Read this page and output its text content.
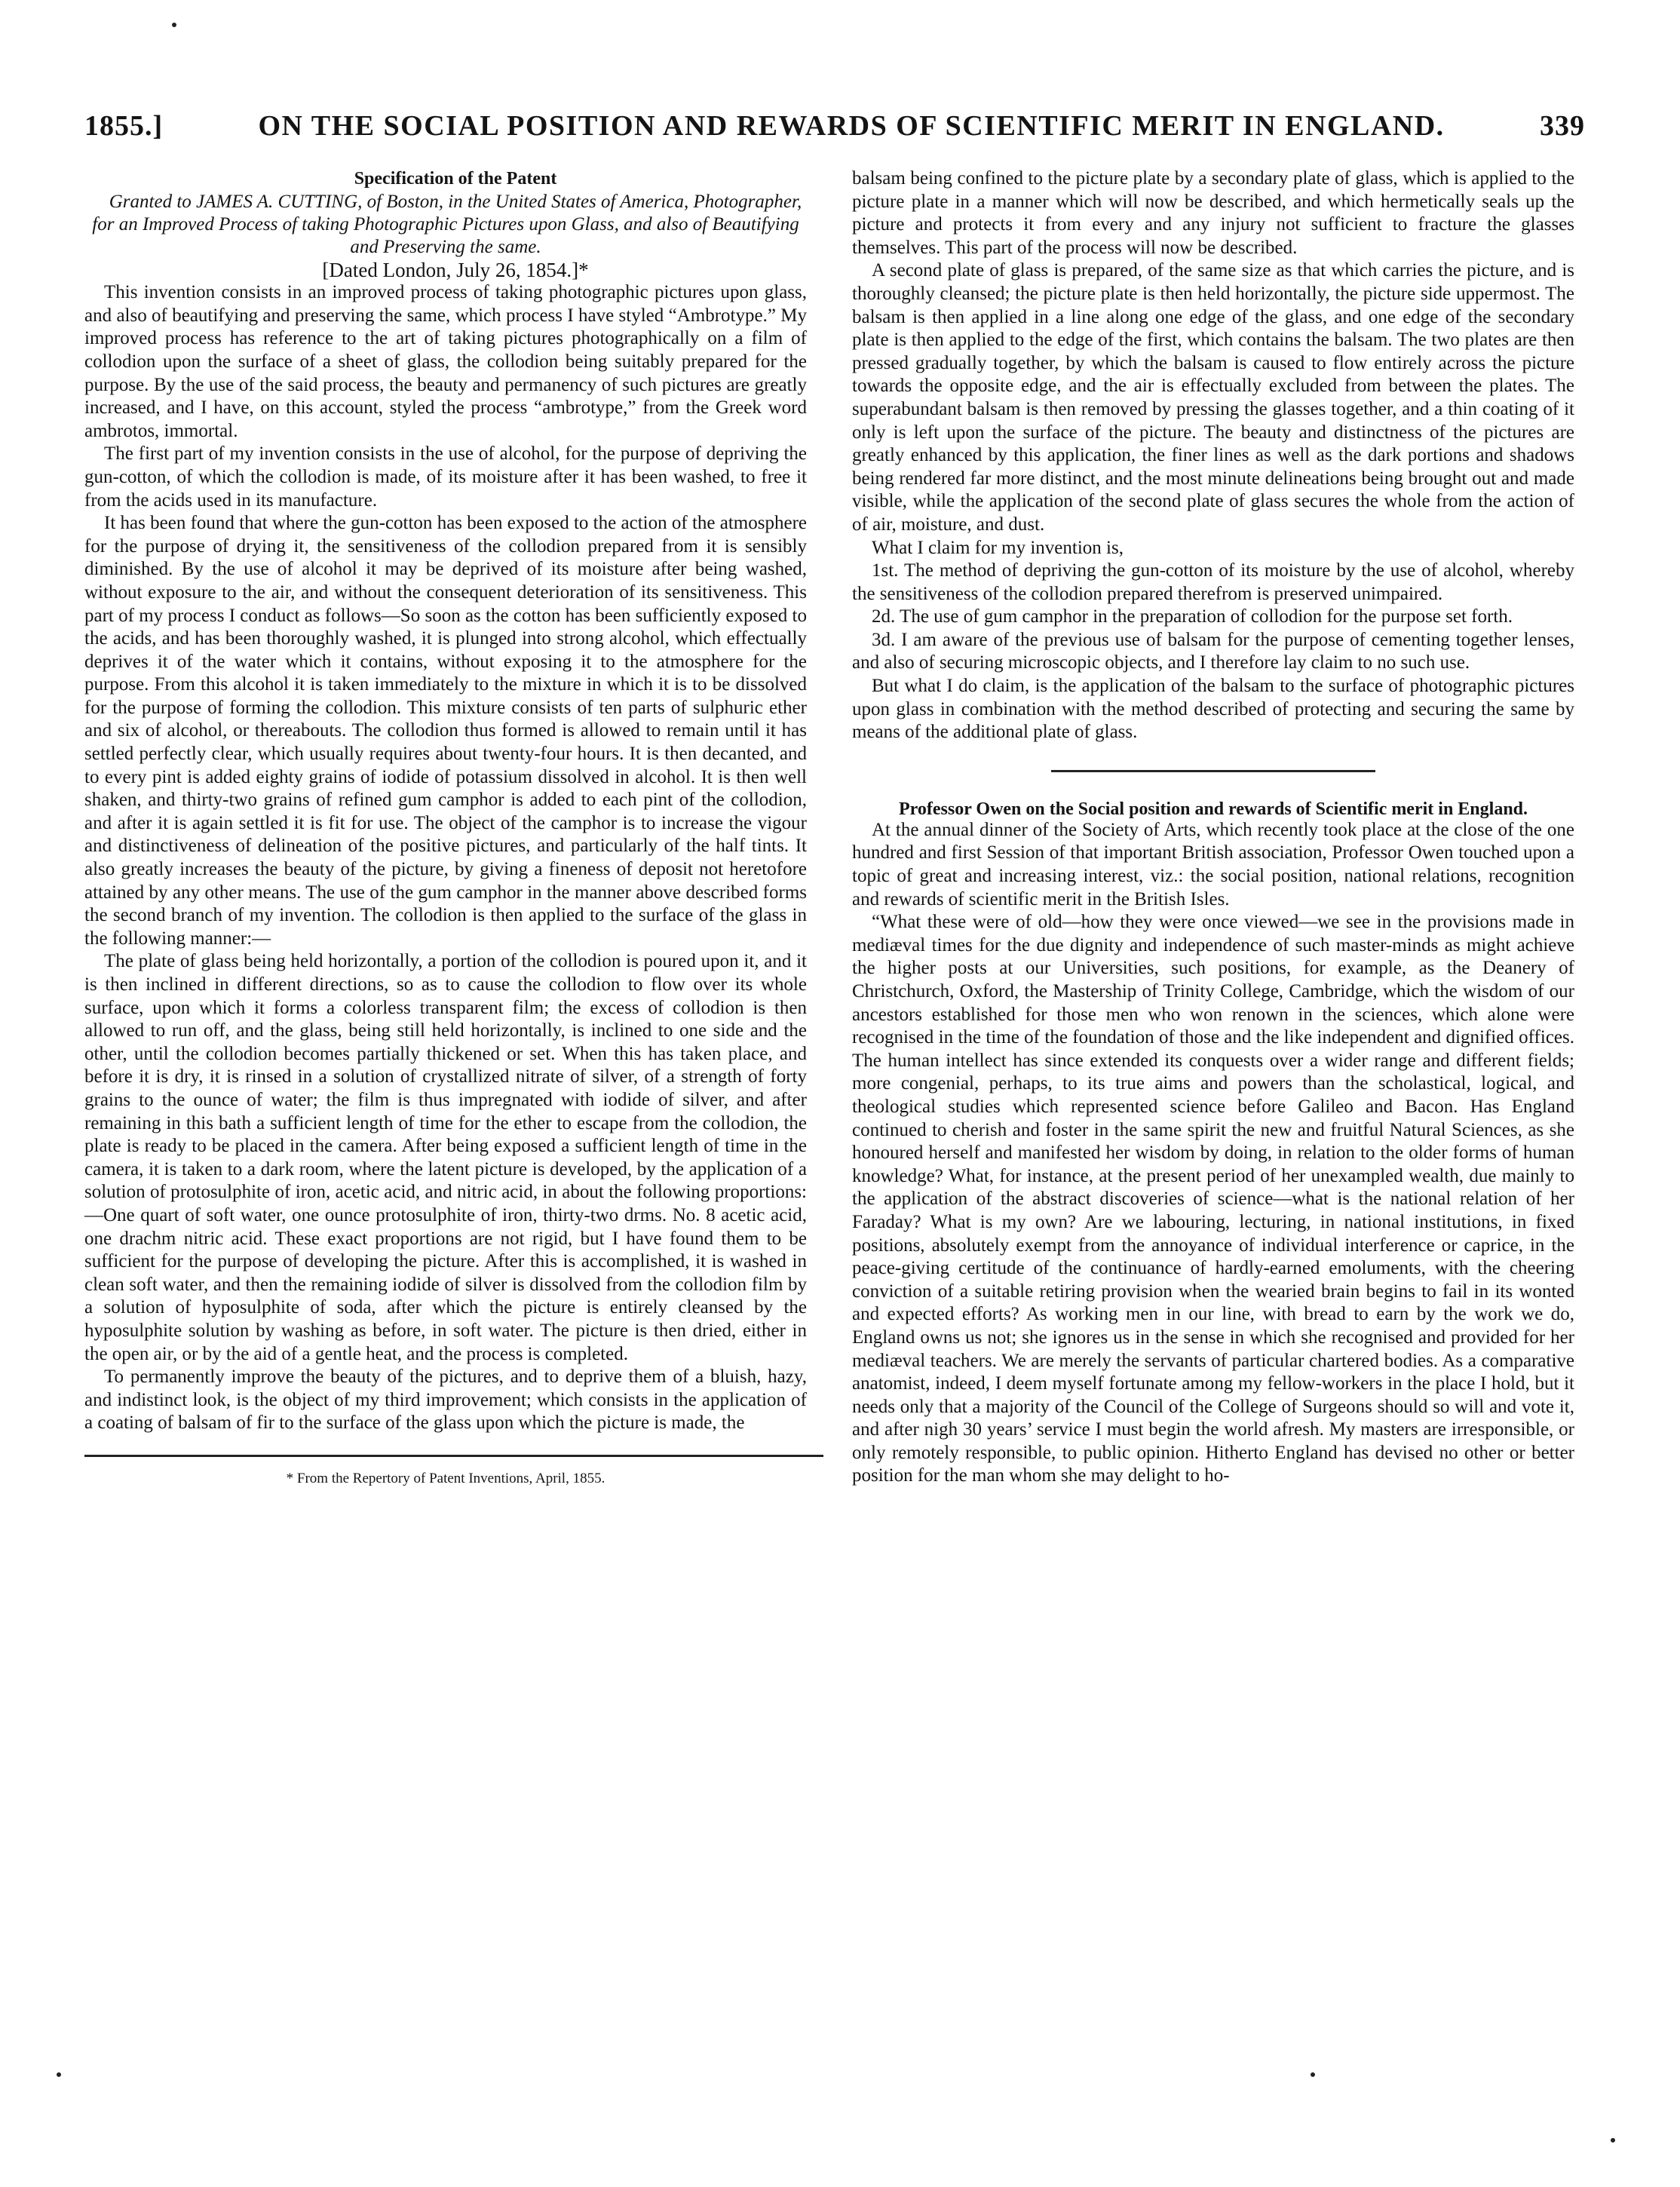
1855.]	ON THE SOCIAL POSITION AND REWARDS OF SCIENTIFIC MERIT IN ENGLAND.	339

Specification of the Patent

Granted to JAMES A. CUTTING, of Boston, in the United States of America, Photographer, for an Improved Process of taking Photographic Pictures upon Glass, and also of Beautifying and Preserving the same.

[Dated London, July 26, 1854.]*

This invention consists in an improved process of taking photographic pictures upon glass, and also of beautifying and preserving the same, which process I have styled “Ambrotype.” My improved process has reference to the art of taking pictures photographically on a film of collodion upon the surface of a sheet of glass, the collodion being suitably prepared for the purpose. By the use of the said process, the beauty and permanency of such pictures are greatly increased, and I have, on this account, styled the process “ambrotype,” from the Greek word ambrotos, immortal.

The first part of my invention consists in the use of alcohol, for the purpose of depriving the gun-cotton, of which the collodion is made, of its moisture after it has been washed, to free it from the acids used in its manufacture.

It has been found that where the gun-cotton has been exposed to the action of the atmosphere for the purpose of drying it, the sensitiveness of the collodion prepared from it is sensibly diminished. By the use of alcohol it may be deprived of its moisture after being washed, without exposure to the air, and without the consequent deterioration of its sensitiveness. This part of my process I conduct as follows—So soon as the cotton has been sufficiently exposed to the acids, and has been thoroughly washed, it is plunged into strong alcohol, which effectually deprives it of the water which it contains, without exposing it to the atmosphere for the purpose. From this alcohol it is taken immediately to the mixture in which it is to be dissolved for the purpose of forming the collodion. This mixture consists of ten parts of sulphuric ether and six of alcohol, or thereabouts. The collodion thus formed is allowed to remain until it has settled perfectly clear, which usually requires about twenty-four hours. It is then decanted, and to every pint is added eighty grains of iodide of potassium dissolved in alcohol. It is then well shaken, and thirty-two grains of refined gum camphor is added to each pint of the collodion, and after it is again settled it is fit for use. The object of the camphor is to increase the vigour and distinctiveness of delineation of the positive pictures, and particularly of the half tints. It also greatly increases the beauty of the picture, by giving a fineness of deposit not heretofore attained by any other means. The use of the gum camphor in the manner above described forms the second branch of my invention. The collodion is then applied to the surface of the glass in the following manner:—

The plate of glass being held horizontally, a portion of the collodion is poured upon it, and it is then inclined in different directions, so as to cause the collodion to flow over its whole surface, upon which it forms a colorless transparent film; the excess of collodion is then allowed to run off, and the glass, being still held horizontally, is inclined to one side and the other, until the collodion becomes partially thickened or set. When this has taken place, and before it is dry, it is rinsed in a solution of crystallized nitrate of silver, of a strength of forty grains to the ounce of water; the film is thus impregnated with iodide of silver, and after remaining in this bath a sufficient length of time for the ether to escape from the collodion, the plate is ready to be placed in the camera. After being exposed a sufficient length of time in the camera, it is taken to a dark room, where the latent picture is developed, by the application of a solution of protosulphite of iron, acetic acid, and nitric acid, in about the following proportions:—One quart of soft water, one ounce protosulphite of iron, thirty-two drms. No. 8 acetic acid, one drachm nitric acid. These exact proportions are not rigid, but I have found them to be sufficient for the purpose of developing the picture. After this is accomplished, it is washed in clean soft water, and then the remaining iodide of silver is dissolved from the collodion film by a solution of hyposulphite of soda, after which the picture is entirely cleansed by the hyposulphite solution by washing as before, in soft water. The picture is then dried, either in the open air, or by the aid of a gentle heat, and the process is completed.

To permanently improve the beauty of the pictures, and to deprive them of a bluish, hazy, and indistinct look, is the object of my third improvement; which consists in the application of a coating of balsam of fir to the surface of the glass upon which the picture is made, the

* From the Repertory of Patent Inventions, April, 1855.

balsam being confined to the picture plate by a secondary plate of glass, which is applied to the picture plate in a manner which will now be described, and which hermetically seals up the picture and protects it from every and any injury not sufficient to fracture the glasses themselves. This part of the process will now be described.

A second plate of glass is prepared, of the same size as that which carries the picture, and is thoroughly cleansed; the picture plate is then held horizontally, the picture side uppermost. The balsam is then applied in a line along one edge of the glass, and one edge of the secondary plate is then applied to the edge of the first, which contains the balsam. The two plates are then pressed gradually together, by which the balsam is caused to flow entirely across the picture towards the opposite edge, and the air is effectually excluded from between the plates. The superabundant balsam is then removed by pressing the glasses together, and a thin coating of it only is left upon the surface of the picture. The beauty and distinctness of the pictures are greatly enhanced by this application, the finer lines as well as the dark portions and shadows being rendered far more distinct, and the most minute delineations being brought out and made visible, while the application of the second plate of glass secures the whole from the action of of air, moisture, and dust.

What I claim for my invention is,

1st. The method of depriving the gun-cotton of its moisture by the use of alcohol, whereby the sensitiveness of the collodion prepared therefrom is preserved unimpaired.

2d. The use of gum camphor in the preparation of collodion for the purpose set forth.

3d. I am aware of the previous use of balsam for the purpose of cementing together lenses, and also of securing microscopic objects, and I therefore lay claim to no such use.

But what I do claim, is the application of the balsam to the surface of photographic pictures upon glass in combination with the method described of protecting and securing the same by means of the additional plate of glass.

Professor Owen on the Social position and rewards of Scientific merit in England.

At the annual dinner of the Society of Arts, which recently took place at the close of the one hundred and first Session of that important British association, Professor Owen touched upon a topic of great and increasing interest, viz.: the social position, national relations, recognition and rewards of scientific merit in the British Isles.

“What these were of old—how they were once viewed—we see in the provisions made in mediæval times for the due dignity and independence of such master-minds as might achieve the higher posts at our Universities, such positions, for example, as the Deanery of Christchurch, Oxford, the Mastership of Trinity College, Cambridge, which the wisdom of our ancestors established for those men who won renown in the sciences, which alone were recognised in the time of the foundation of those and the like independent and dignified offices. The human intellect has since extended its conquests over a wider range and different fields; more congenial, perhaps, to its true aims and powers than the scholastical, logical, and theological studies which represented science before Galileo and Bacon. Has England continued to cherish and foster in the same spirit the new and fruitful Natural Sciences, as she honoured herself and manifested her wisdom by doing, in relation to the older forms of human knowledge? What, for instance, at the present period of her unexampled wealth, due mainly to the application of the abstract discoveries of science—what is the national relation of her Faraday? What is my own? Are we labouring, lecturing, in national institutions, in fixed positions, absolutely exempt from the annoyance of individual interference or caprice, in the peace-giving certitude of the continuance of hardly-earned emoluments, with the cheering conviction of a suitable retiring provision when the wearied brain begins to fail in its wonted and expected efforts? As working men in our line, with bread to earn by the work we do, England owns us not; she ignores us in the sense in which she recognised and provided for her mediæval teachers. We are merely the servants of particular chartered bodies. As a comparative anatomist, indeed, I deem myself fortunate among my fellow-workers in the place I hold, but it needs only that a majority of the Council of the College of Surgeons should so will and vote it, and after nigh 30 years’ service I must begin the world afresh. My masters are irresponsible, or only remotely responsible, to public opinion. Hitherto England has devised no other or better position for the man whom she may delight to ho-
